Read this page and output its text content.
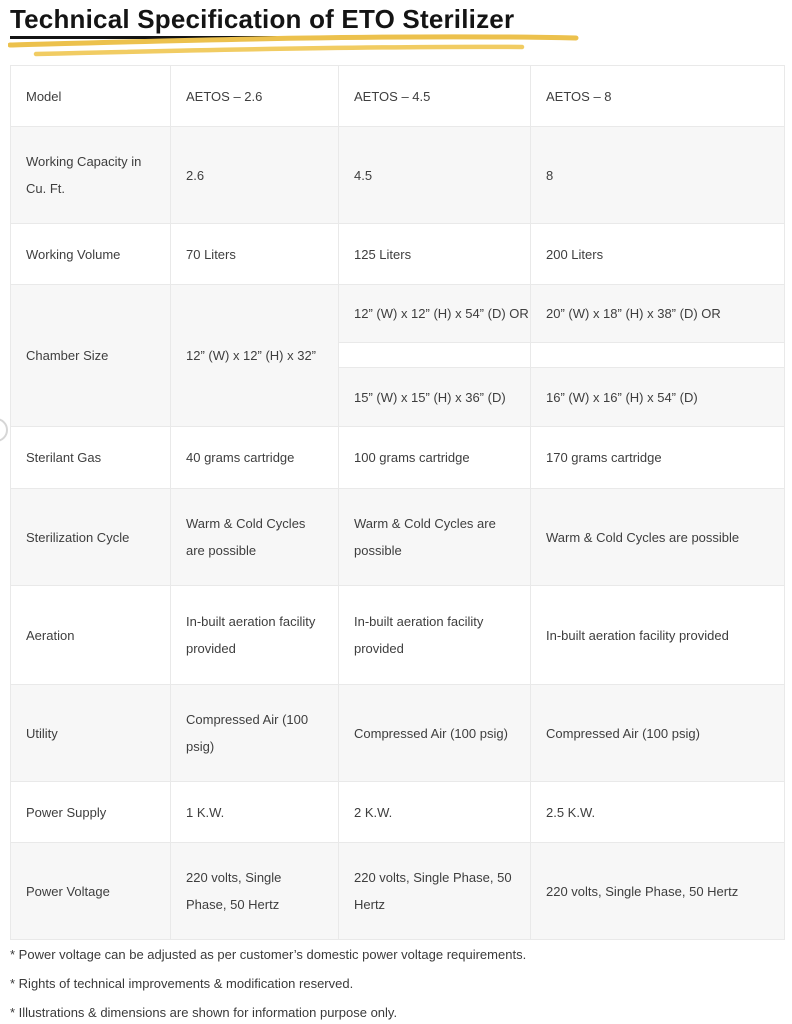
Technical Specification of ETO Sterilizer
Model	AETOS – 2.6	AETOS – 4.5	AETOS – 8
Working Capacity in Cu. Ft.	2.6	4.5	8
Working Volume	70 Liters	125 Liters	200 Liters
Chamber Size	12” (W) x 12” (H) x 32”	12” (W) x 12” (H) x 54” (D) OR	20” (W) x 18” (H) x 38” (D) OR

		15” (W) x 15” (H) x 36” (D)	16” (W) x 16” (H) x 54” (D)
Sterilant Gas	40 grams cartridge	100 grams cartridge	170 grams cartridge
Sterilization Cycle	Warm & Cold Cycles are possible	Warm & Cold Cycles are possible	Warm & Cold Cycles are possible
Aeration	In-built aeration facility provided	In-built aeration facility provided	In-built aeration facility provided
Utility	Compressed Air (100 psig)	Compressed Air (100 psig)	Compressed Air (100 psig)
Power Supply	1 K.W.	2 K.W.	2.5 K.W.
Power Voltage	220 volts, Single Phase, 50 Hertz	220 volts, Single Phase, 50 Hertz	220 volts, Single Phase, 50 Hertz

* Power voltage can be adjusted as per customer’s domestic power voltage requirements.

* Rights of technical improvements & modification reserved.

* Illustrations & dimensions are shown for information purpose only.
